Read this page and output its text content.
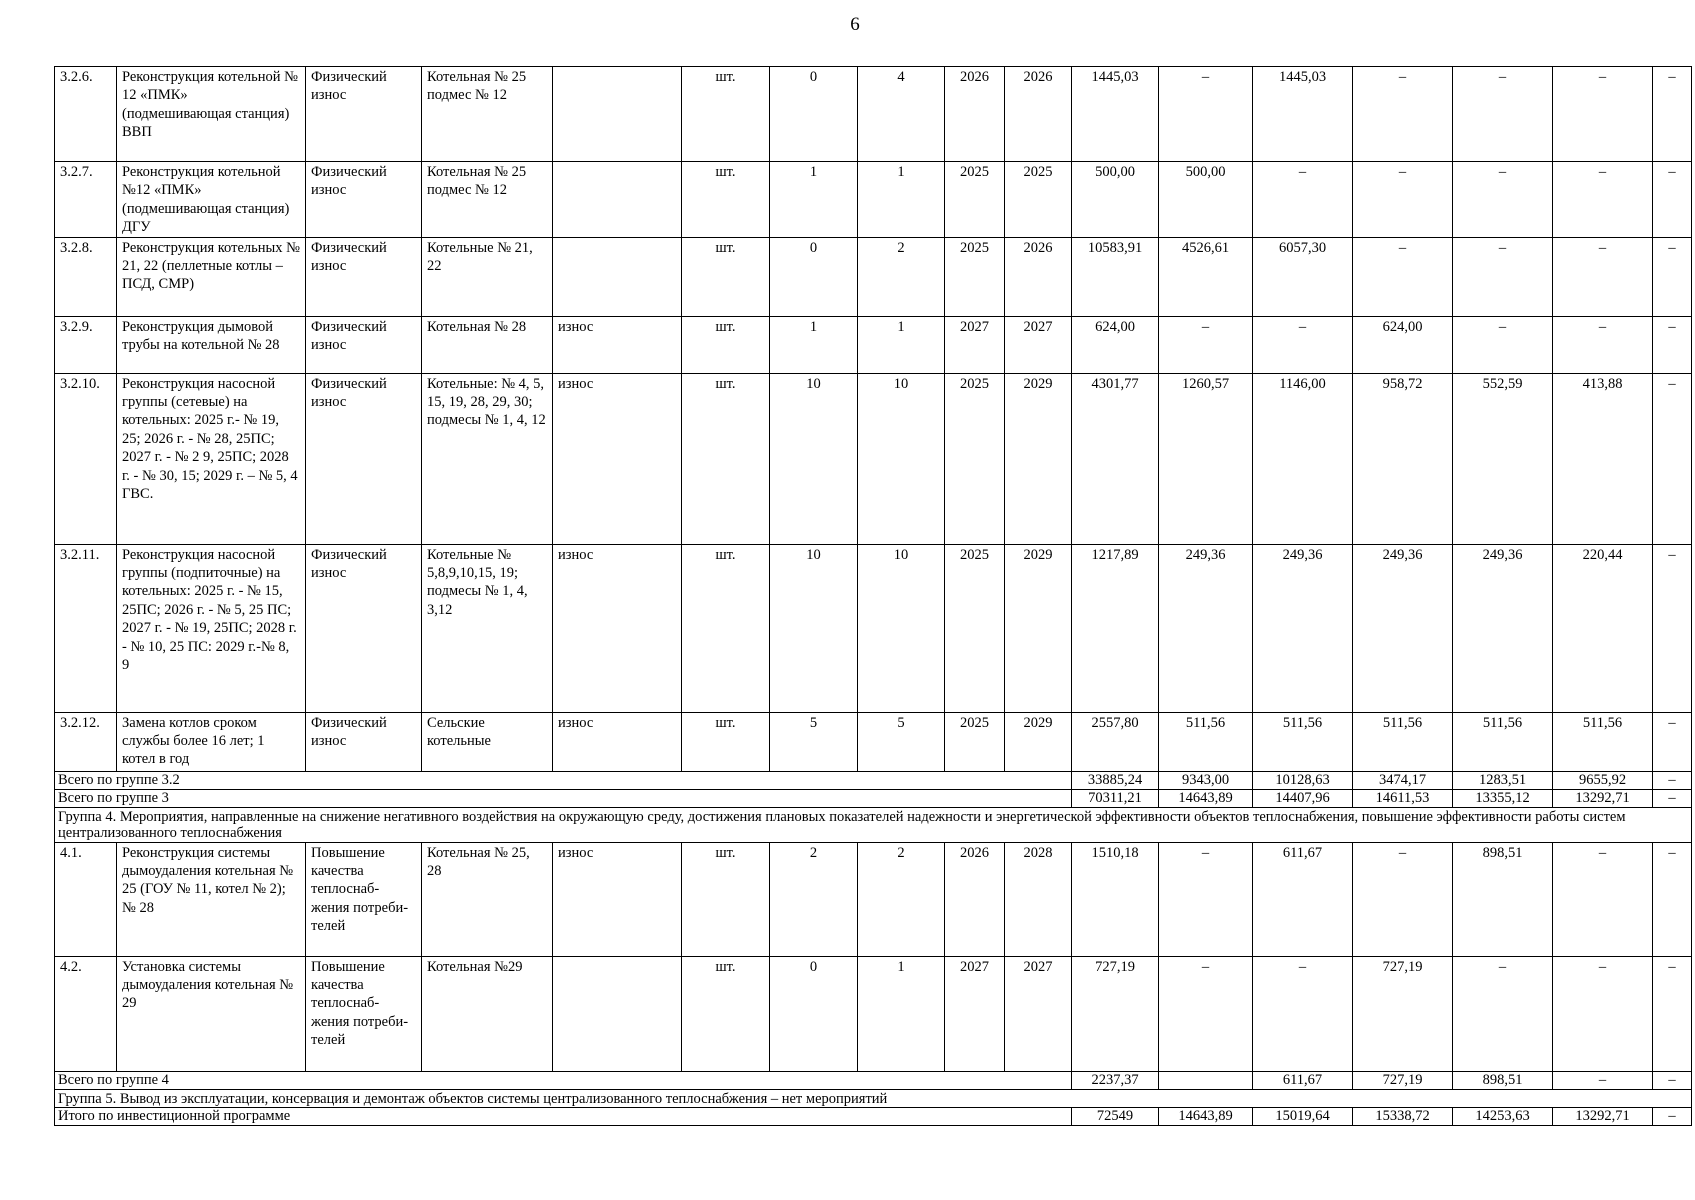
6
3.2.6.	Реконструкция котельной № 12 «ПМК» (подмешивающая станция) ВВП	Физический износ	Котельная № 25 подмес № 12		шт.	0	4	2026	2026	1445,03	–	1445,03	–	–	–	–
3.2.7.	Реконструкция котельной №12 «ПМК» (подмешивающая станция) ДГУ	Физический износ	Котельная № 25 подмес № 12		шт.	1	1	2025	2025	500,00	500,00	–	–	–	–	–
3.2.8.	Реконструкция котельных № 21, 22 (пеллетные котлы – ПСД, СМР)	Физический износ	Котельные № 21, 22		шт.	0	2	2025	2026	10583,91	4526,61	6057,30	–	–	–	–
3.2.9.	Реконструкция дымовой трубы на котельной № 28	Физический износ	Котельная № 28	износ	шт.	1	1	2027	2027	624,00	–	–	624,00	–	–	–
3.2.10.	Реконструкция насосной группы (сетевые) на котельных: 2025 г.- № 19, 25; 2026 г. - № 28, 25ПС; 2027 г. - № 2 9, 25ПС; 2028 г. - № 30, 15; 2029 г. – № 5, 4 ГВС.	Физический износ	Котельные: № 4, 5, 15, 19, 28, 29, 30; подмесы № 1, 4, 12	износ	шт.	10	10	2025	2029	4301,77	1260,57	1146,00	958,72	552,59	413,88	–
3.2.11.	Реконструкция насосной группы (подпиточные) на котельных: 2025 г. - № 15, 25ПС; 2026 г. - № 5, 25 ПС; 2027 г. - № 19, 25ПС; 2028 г. - № 10, 25 ПС: 2029 г.-№ 8, 9	Физический износ	Котельные № 5,8,9,10,15, 19; подмесы № 1, 4, 3,12	износ	шт.	10	10	2025	2029	1217,89	249,36	249,36	249,36	249,36	220,44	–
3.2.12.	Замена котлов сроком службы более 16 лет; 1 котел в год	Физический износ	Сельские котельные	износ	шт.	5	5	2025	2029	2557,80	511,56	511,56	511,56	511,56	511,56	–
Всего по группе 3.2										33885,24	9343,00	10128,63	3474,17	1283,51	9655,92	–
Всего по группе 3										70311,21	14643,89	14407,96	14611,53	13355,12	13292,71	–
Группа 4. Мероприятия, направленные на снижение негативного воздействия на окружающую среду, достижения плановых показателей надежности и энергетической эффективности объектов теплоснабжения, повышение эффективности работы систем централизованного теплоснабжения																
4.1.	Реконструкция системы дымоудаления котельная № 25 (ГОУ № 11, котел № 2); № 28	Повышение качества теплоснаб-жения потреби-телей	Котельная № 25, 28	износ	шт.	2	2	2026	2028	1510,18	–	611,67	–	898,51	–	–
4.2.	Установка системы дымоудаления котельная № 29	Повышение качества теплоснаб-жения потреби-телей	Котельная №29		шт.	0	1	2027	2027	727,19	–	–	727,19	–	–	–
Всего по группе 4										2237,37		611,67	727,19	898,51	–	–
Группа 5. Вывод из эксплуатации, консервация и демонтаж объектов системы централизованного теплоснабжения – нет мероприятий																
Итого по инвестиционной программе										72549	14643,89	15019,64	15338,72	14253,63	13292,71	–
